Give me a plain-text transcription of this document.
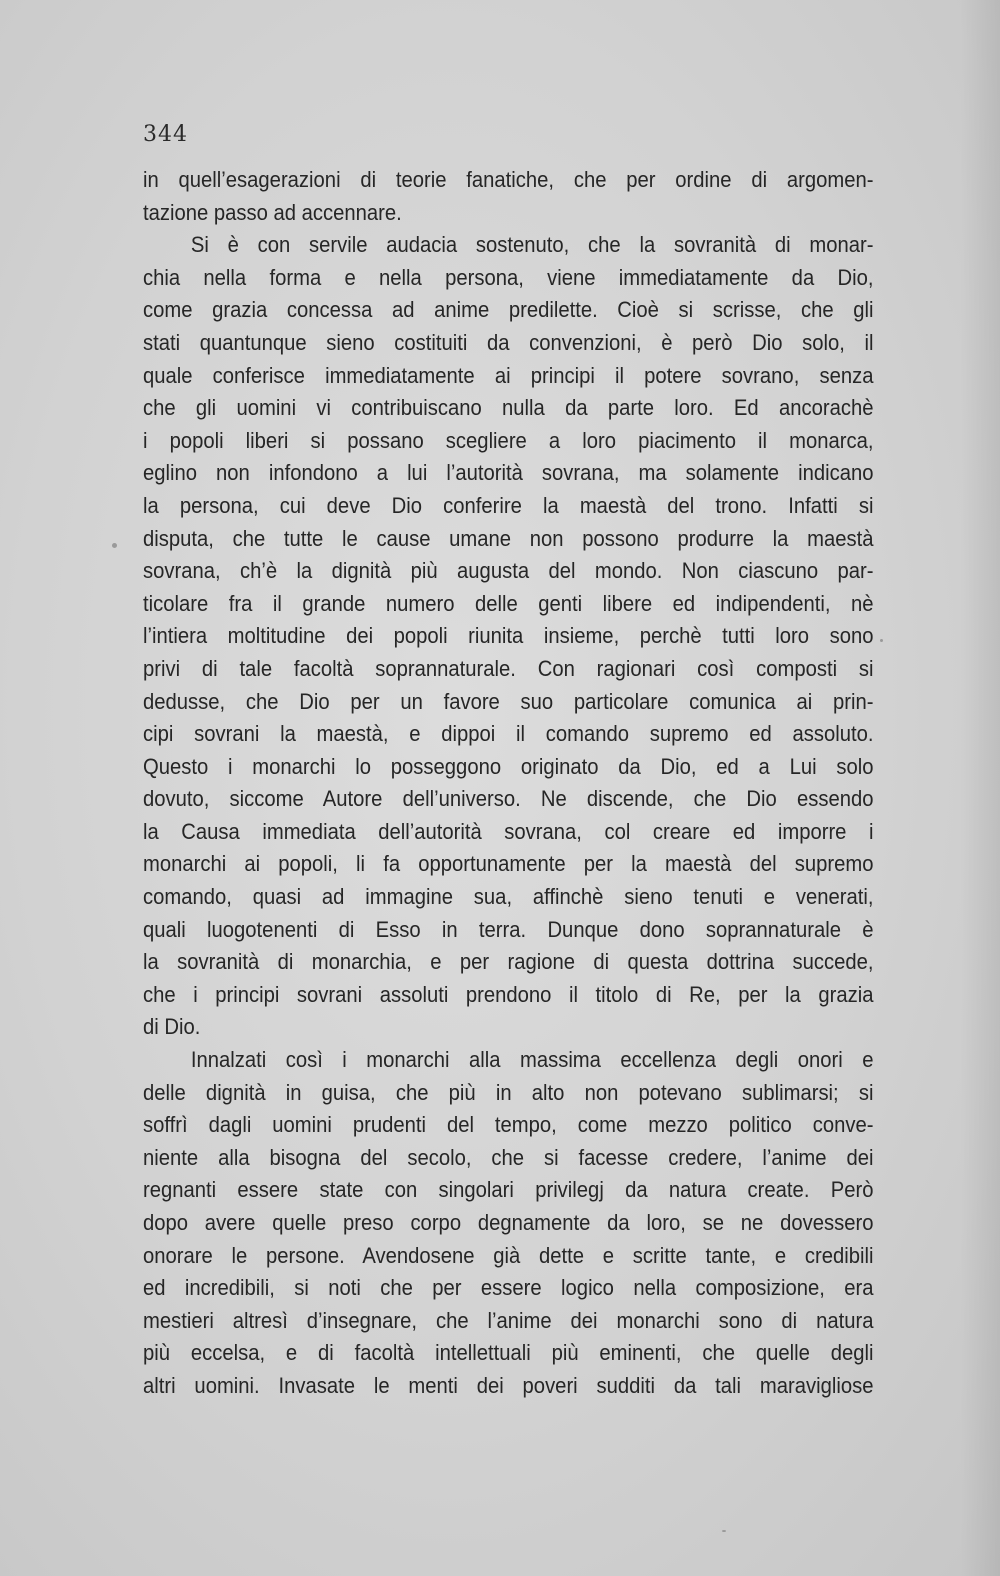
344
in quell’esagerazioni di teorie fanatiche, che per ordine di argomen-
tazione passo ad accennare.
Si è con servile audacia sostenuto, che la sovranità di monar-
chia nella forma e nella persona, viene immediatamente da Dio,
come grazia concessa ad anime predilette. Cioè si scrisse, che gli
stati quantunque sieno costituiti da convenzioni, è però Dio solo, il
quale conferisce immediatamente ai principi il potere sovrano, senza
che gli uomini vi contribuiscano nulla da parte loro. Ed ancorachè
i popoli liberi si possano scegliere a loro piacimento il monarca,
eglino non infondono a lui l’autorità sovrana, ma solamente indicano
la persona, cui deve Dio conferire la maestà del trono. Infatti si
disputa, che tutte le cause umane non possono produrre la maestà
sovrana, ch’è la dignità più augusta del mondo. Non ciascuno par-
ticolare fra il grande numero delle genti libere ed indipendenti, nè
l’intiera moltitudine dei popoli riunita insieme, perchè tutti loro sono
privi di tale facoltà soprannaturale. Con ragionari così composti si
dedusse, che Dio per un favore suo particolare comunica ai prin-
cipi sovrani la maestà, e dippoi il comando supremo ed assoluto.
Questo i monarchi lo posseggono originato da Dio, ed a Lui solo
dovuto, siccome Autore dell’universo. Ne discende, che Dio essendo
la Causa immediata dell’autorità sovrana, col creare ed imporre i
monarchi ai popoli, li fa opportunamente per la maestà del supremo
comando, quasi ad immagine sua, affinchè sieno tenuti e venerati,
quali luogotenenti di Esso in terra. Dunque dono soprannaturale è
la sovranità di monarchia, e per ragione di questa dottrina succede,
che i principi sovrani assoluti prendono il titolo di Re, per la grazia
di Dio.
Innalzati così i monarchi alla massima eccellenza degli onori e
delle dignità in guisa, che più in alto non potevano sublimarsi; si
soffrì dagli uomini prudenti del tempo, come mezzo politico conve-
niente alla bisogna del secolo, che si facesse credere, l’anime dei
regnanti essere state con singolari privilegj da natura create. Però
dopo avere quelle preso corpo degnamente da loro, se ne dovessero
onorare le persone. Avendosene già dette e scritte tante, e credibili
ed incredibili, si noti che per essere logico nella composizione, era
mestieri altresì d’insegnare, che l’anime dei monarchi sono di natura
più eccelsa, e di facoltà intellettuali più eminenti, che quelle degli
altri uomini. Invasate le menti dei poveri sudditi da tali maravigliose
